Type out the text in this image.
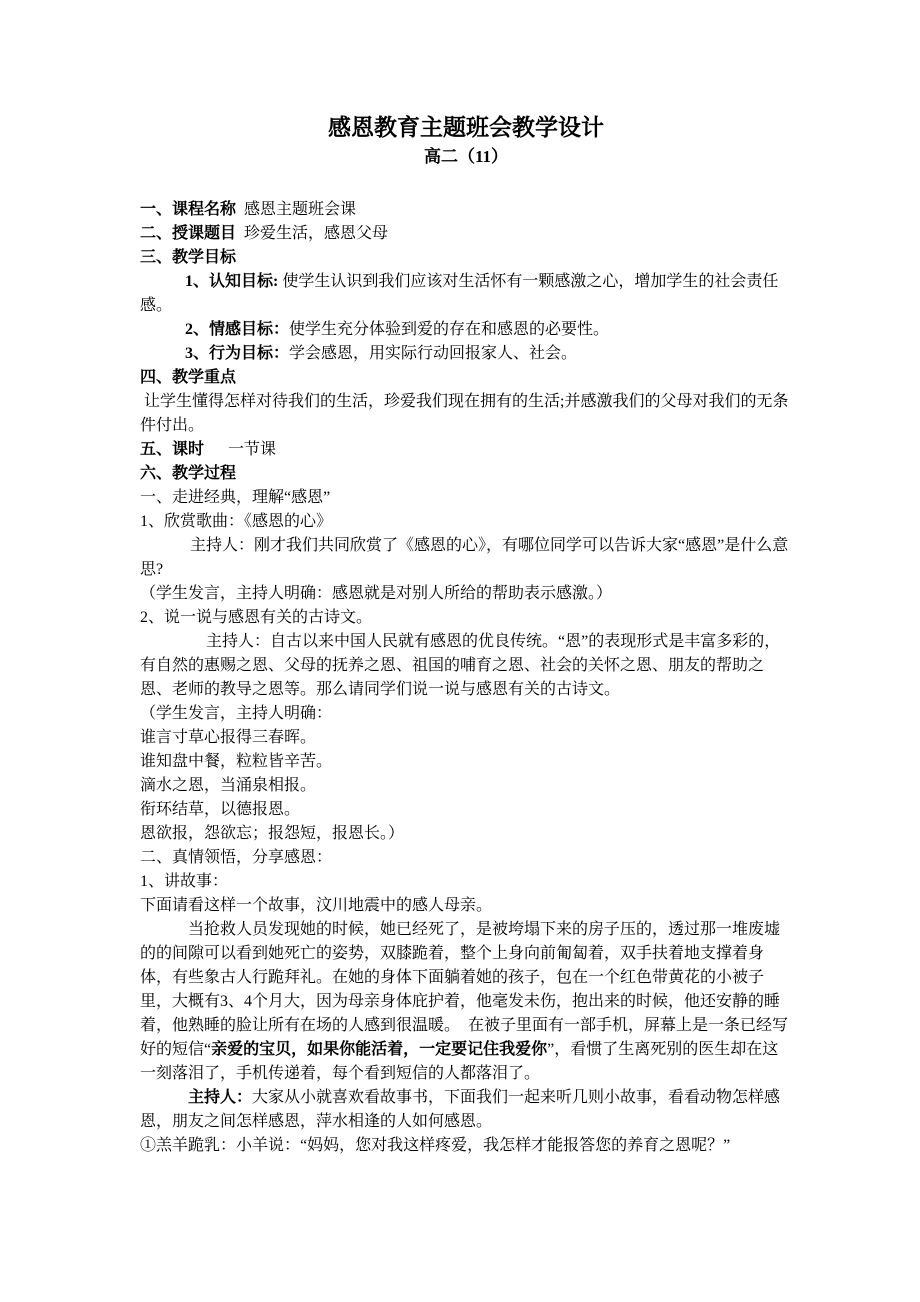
感恩教育主题班会教学设计

高二（11）

一、课程名称  感恩主题班会课

二、授课题目  珍爱生活，感恩父母

三、教学目标

1、认知目标: 使学生认识到我们应该对生活怀有一颗感激之心，增加学生的社会责任感。

2、情感目标：使学生充分体验到爱的存在和感恩的必要性。

3、行为目标：学会感恩，用实际行动回报家人、社会。

四、教学重点

让学生懂得怎样对待我们的生活，珍爱我们现在拥有的生活;并感激我们的父母对我们的无条件付出。

五、课时      一节课

六、教学过程

一、走进经典，理解“感恩”

1、欣赏歌曲：《感恩的心》

主持人：刚才我们共同欣赏了《感恩的心》，有哪位同学可以告诉大家“感恩”是什么意思?

（学生发言，主持人明确：感恩就是对别人所给的帮助表示感激。）

2、说一说与感恩有关的古诗文。

主持人：自古以来中国人民就有感恩的优良传统。“恩”的表现形式是丰富多彩的，有自然的惠赐之恩、父母的抚养之恩、祖国的哺育之恩、社会的关怀之恩、朋友的帮助之恩、老师的教导之恩等。那么请同学们说一说与感恩有关的古诗文。

（学生发言，主持人明确：

谁言寸草心报得三春晖。

谁知盘中餐，粒粒皆辛苦。

滴水之恩，当涌泉相报。

衔环结草，以德报恩。

恩欲报，怨欲忘；报怨短，报恩长。）

二、真情领悟，分享感恩：

1、讲故事：

下面请看这样一个故事，汶川地震中的感人母亲。

当抢救人员发现她的时候，她已经死了，是被垮塌下来的房子压的，透过那一堆废墟的的间隙可以看到她死亡的姿势，双膝跪着，整个上身向前匍匐着，双手扶着地支撑着身体，有些象古人行跪拜礼。在她的身体下面躺着她的孩子，包在一个红色带黄花的小被子里，大概有3、4个月大，因为母亲身体庇护着，他毫发未伤，抱出来的时候，他还安静的睡着，他熟睡的脸让所有在场的人感到很温暖。　在被子里面有一部手机，屏幕上是一条已经写好的短信“亲爱的宝贝，如果你能活着，一定要记住我爱你”，看惯了生离死别的医生却在这一刻落泪了，手机传递着，每个看到短信的人都落泪了。

主持人：大家从小就喜欢看故事书，下面我们一起来听几则小故事，看看动物怎样感恩，朋友之间怎样感恩，萍水相逢的人如何感恩。

①羔羊跪乳：小羊说：“妈妈，您对我这样疼爱，我怎样才能报答您的养育之恩呢？”
